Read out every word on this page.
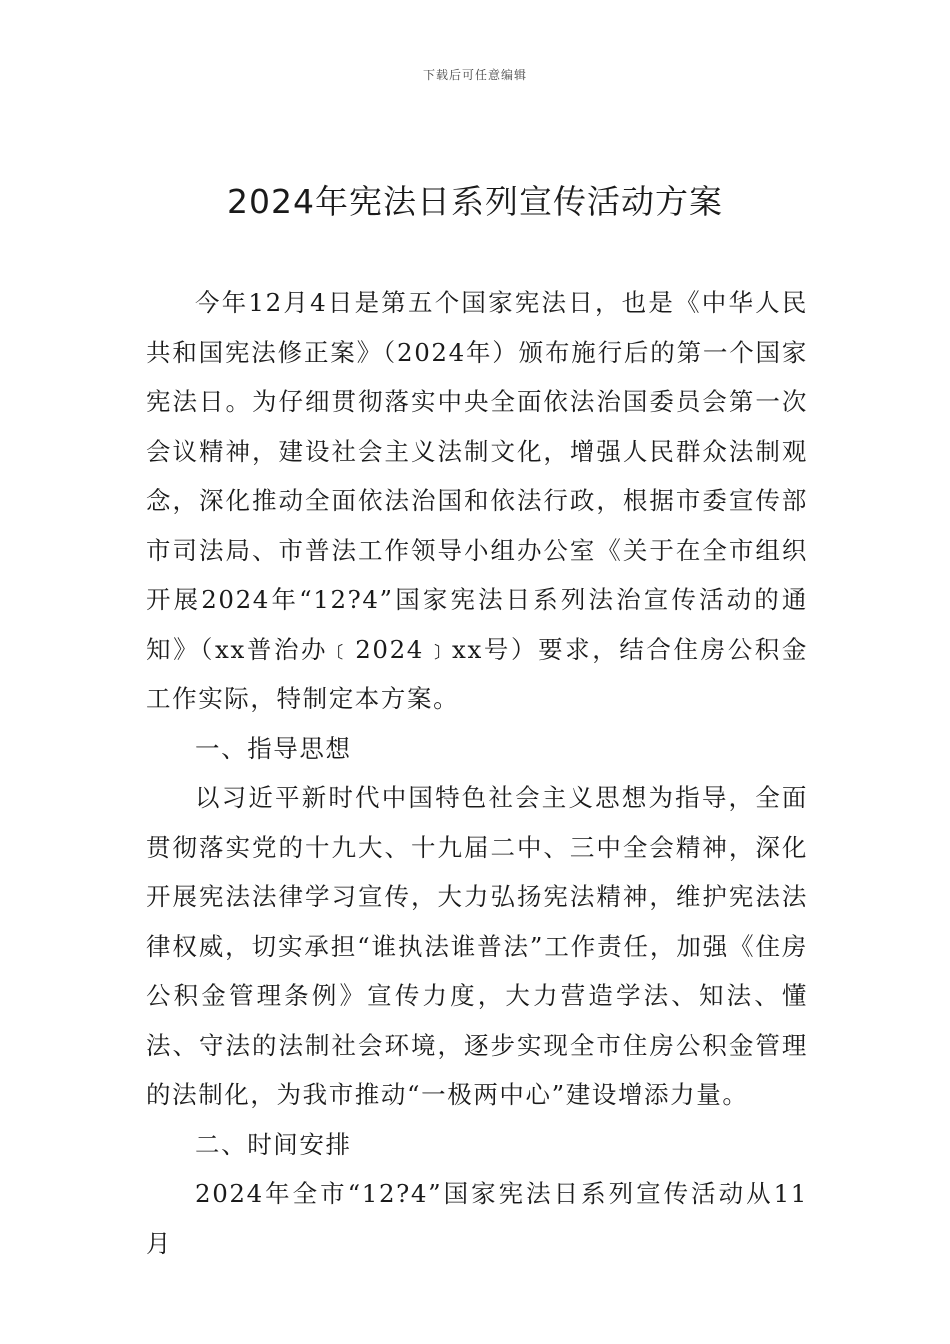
下载后可任意编辑
2024年宪法日系列宣传活动方案

今年12月4日是第五个国家宪法日，也是《中华人民共和国宪法修正案》（2024年）颁布施行后的第一个国家宪法日。为仔细贯彻落实中央全面依法治国委员会第一次会议精神，建设社会主义法制文化，增强人民群众法制观念，深化推动全面依法治国和依法行政，根据市委宣传部市司法局、市普法工作领导小组办公室《关于在全市组织开展2024年“12?4”国家宪法日系列法治宣传活动的通知》（xx普治办﹝2024﹞xx号）要求，结合住房公积金工作实际，特制定本方案。

一、指导思想

以习近平新时代中国特色社会主义思想为指导，全面贯彻落实党的十九大、十九届二中、三中全会精神，深化开展宪法法律学习宣传，大力弘扬宪法精神，维护宪法法律权威，切实承担“谁执法谁普法”工作责任，加强《住房公积金管理条例》宣传力度，大力营造学法、知法、懂法、守法的法制社会环境，逐步实现全市住房公积金管理的法制化，为我市推动“一极两中心”建设增添力量。

二、时间安排

2024年全市“12?4”国家宪法日系列宣传活动从11月
